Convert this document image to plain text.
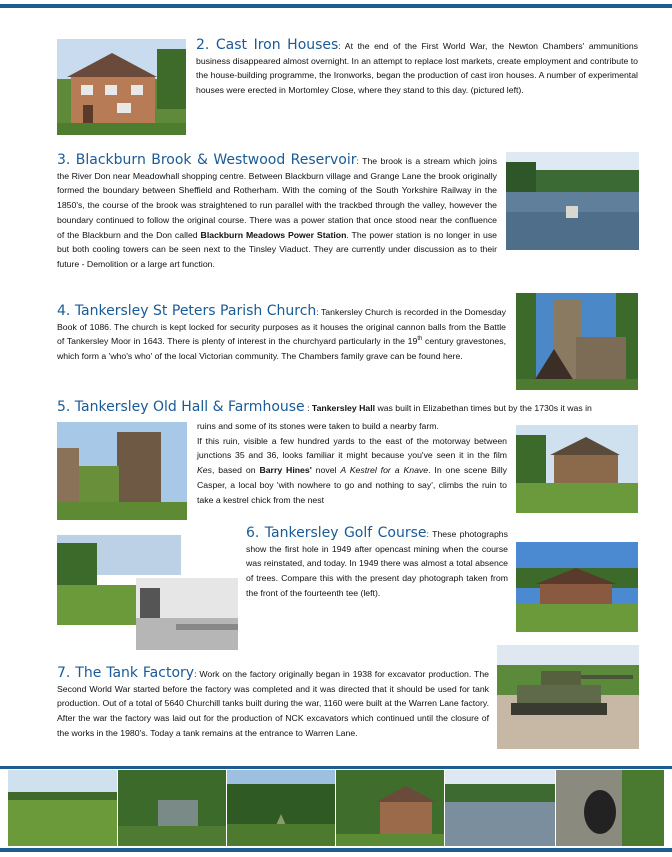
2. Cast Iron Houses: At the end of the First World War, the Newton Chambers' ammunitions business disappeared almost overnight. In an attempt to replace lost markets, create employment and contribute to the house-building programme, the Ironworks, began the production of cast iron houses. A number of experimental houses were erected in Mortomley Close, where they stand to this day. (pictured left).

3. Blackburn Brook & Westwood Reservoir: The brook is a stream which joins the River Don near Meadowhall shopping centre. Between Blackburn village and Grange Lane the brook originally formed the boundary between Sheffield and Rotherham. With the coming of the South Yorkshire Railway in the 1850's, the course of the brook was straightened to run parallel with the trackbed through the valley, however the boundary continued to follow the original course. There was a power station that once stood near the confluence of the Blackburn and the Don called Blackburn Meadows Power Station. The power station is no longer in use but both cooling towers can be seen next to the Tinsley Viaduct. They are currently under discussion as to their future - Demolition or a large art function.

4. Tankersley St Peters Parish Church: Tankersley Church is recorded in the Domesday Book of 1086. The church is kept locked for security purposes as it houses the original cannon balls from the Battle of Tankersley Moor in 1643. There is plenty of interest in the churchyard particularly in the 19th century gravestones, which form a 'who's who' of the local Victorian community. The Chambers family grave can be found here.

5. Tankersley Old Hall & Farmhouse : Tankersley Hall was built in Elizabethan times but by the 1730s it was in

ruins and some of its stones were taken to build a nearby farm.
If this ruin, visible a few hundred yards to the east of the motorway between junctions 35 and 36, looks familiar it might because you've seen it in the film Kes, based on Barry Hines' novel A Kestrel for a Knave. In one scene Billy Casper, a local boy 'with nowhere to go and nothing to say', climbs the ruin to take a kestrel chick from the nest

6. Tankersley Golf Course: These photographs show the first hole in 1949 after opencast mining when the course was reinstated, and today. In 1949 there was almost a total absence of trees. Compare this with the present day photograph taken from the front of the fourteenth tee (left).

7. The Tank Factory: Work on the factory originally began in 1938 for excavator production. The Second World War started before the factory was completed and it was directed that it should be used for tank production. Out of a total of 5640 Churchill tanks built during the war, 1160 were built at the Warren Lane factory. After the war the factory was laid out for the production of NCK excavators which continued until the closure of the works in the 1980's. Today a tank remains at the entrance to Warren Lane.
